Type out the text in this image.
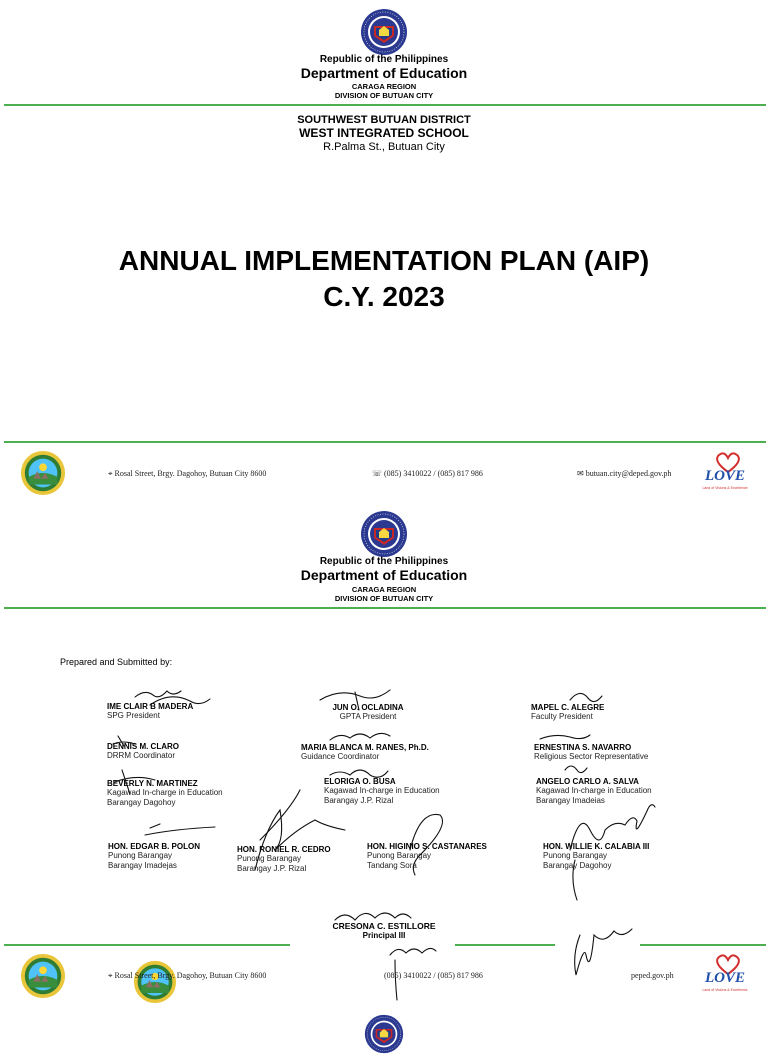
Republic of the Philippines
Department of Education
CARAGA REGION
DIVISION OF BUTUAN CITY
SOUTHWEST BUTUAN DISTRICT
WEST INTEGRATED SCHOOL
R.Palma St., Butuan City
ANNUAL IMPLEMENTATION PLAN (AIP)
C.Y. 2023
⌖ Rosal Street, Brgy. Dagohoy, Butuan City 8600	☏ (085) 3410022 / (085) 817 986	✉ butuan.city@deped.gov.ph LOVE
Land of Visions & Excellence
Republic of the Philippines
Department of Education
CARAGA REGION
DIVISION OF BUTUAN CITY
Prepared and Submitted by:
IME CLAIR B MADERA
SPG President
JUN O. OCLADINA
GPTA President
MAPEL C. ALEGRE
Faculty President
DENNIS M. CLARO
DRRM Coordinator
MARIA BLANCA M. RANES, Ph.D.
Guidance Coordinator
ERNESTINA S. NAVARRO
Religious Sector Representative
BEVERLY N. MARTINEZ
Kagawad In-charge in Education
Barangay Dagohoy
ELORIGA O. BUSA
Kagawad In-charge in Education
Barangay J.P. Rizal
ANGELO CARLO A. SALVA
Kagawad In-charge in Education
Barangay Imadeias
HON. EDGAR B. POLON
Punong Barangay
Barangay Imadejas
HON. RONIEL R. CEDRO
Punong Barangay
Barangay J.P. Rizal
HON. HIGINIO S. CASTANARES
Punong Barangay
Tandang Sora
HON. WILLIE K. CALABIA III
Punong Barangay
Barangay Dagohoy
CRESONA C. ESTILLORE
Principal III
⌖ Rosal Street, Brgy. Dagohoy, Butuan City 8600	(085) 3410022 / (085) 817 986	peped.gov.ph LOVE
Land of Visions & Excellence
